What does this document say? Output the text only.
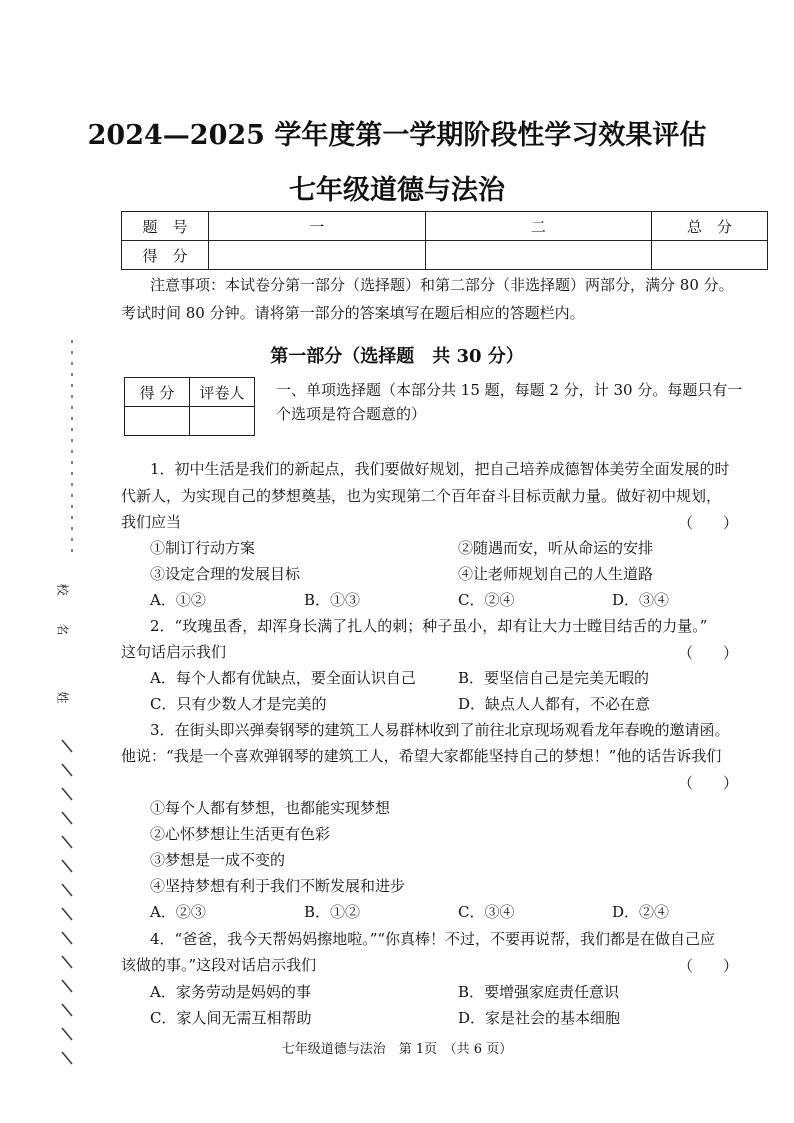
2024—2025 学年度第一学期阶段性学习效果评估
七年级道德与法治
题　号	一	二	总　分
得　分			
注意事项：本试卷分第一部分（选择题）和第二部分（非选择题）两部分，满分 80 分。
考试时间 80 分钟。请将第一部分的答案填写在题后相应的答题栏内。
第一部分（选择题　共 30 分）
得 分	评卷人
	一、单项选择题（本部分共 15 题，每题 2 分，计 30 分。每题只有一
个选项是符合题意的）
1．初中生活是我们的新起点，我们要做好规划，把自己培养成德智体美劳全面发展的时
代新人，为实现自己的梦想奠基，也为实现第二个百年奋斗目标贡献力量。做好初中规划，
我们应当	（　　）
①制订行动方案	②随遇而安，听从命运的安排
③设定合理的发展目标	④让老师规划自己的人生道路
A．①②	B．①③	C．②④	D．③④
2．“玫瑰虽香，却浑身长满了扎人的刺；种子虽小，却有让大力士瞠目结舌的力量。”
这句话启示我们	（　　）
A．每个人都有优缺点，要全面认识自己	B．要坚信自己是完美无暇的
C．只有少数人才是完美的	D．缺点人人都有，不必在意
3．在街头即兴弹奏钢琴的建筑工人易群林收到了前往北京现场观看龙年春晚的邀请函。
他说：“我是一个喜欢弹钢琴的建筑工人，希望大家都能坚持自己的梦想！”他的话告诉我们
（　　）
①每个人都有梦想，也都能实现梦想
②心怀梦想让生活更有色彩
③梦想是一成不变的
④坚持梦想有利于我们不断发展和进步
A．②③	B．①②	C．③④	D．②④
4．“爸爸，我今天帮妈妈擦地啦。”“你真棒！不过，不要再说帮，我们都是在做自己应
该做的事。”这段对话启示我们	（　　）
A．家务劳动是妈妈的事	B．要增强家庭责任意识
C．家人间无需互相帮助	D．家是社会的基本细胞
七年级道德与法治　第 1页　（共 6 页）
校
名
姓
